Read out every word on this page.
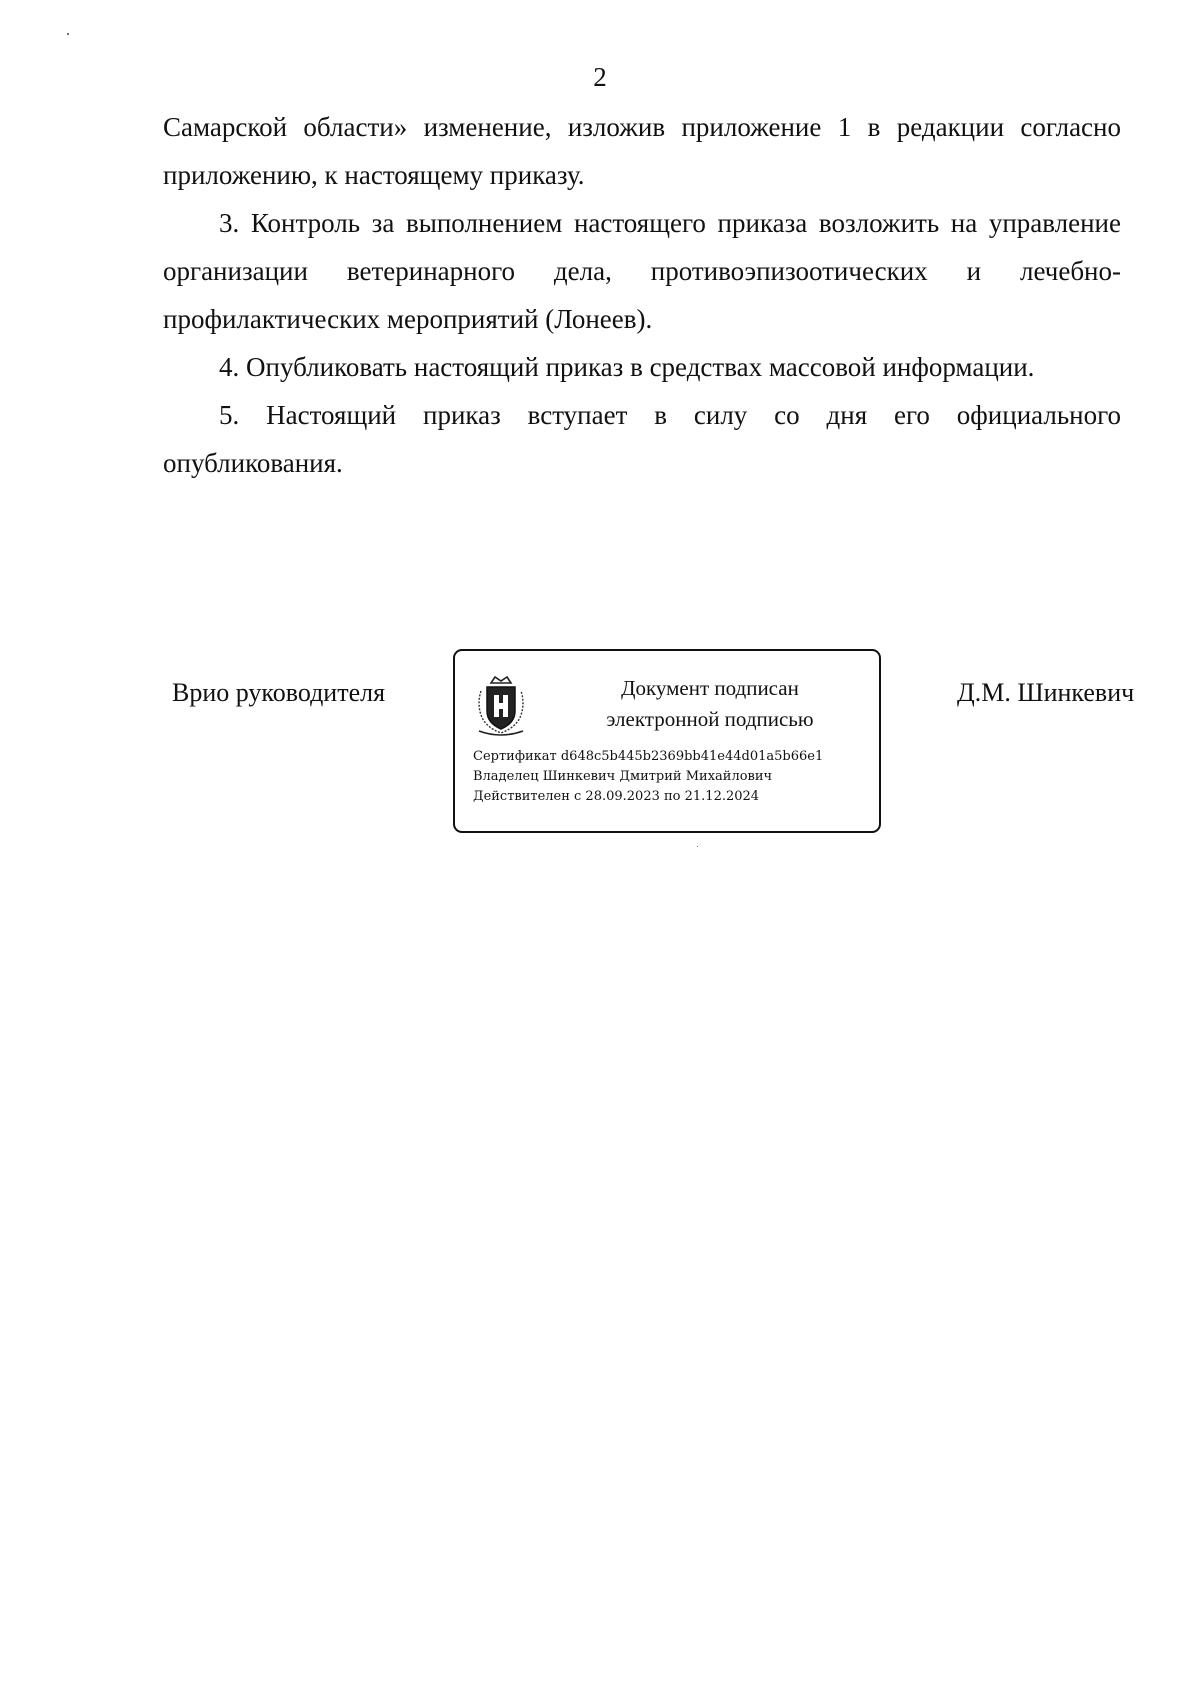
2

Самарской области» изменение, изложив приложение 1 в редакции согласно приложению, к настоящему приказу.

3. Контроль за выполнением настоящего приказа возложить на управление организации ветеринарного дела, противоэпизоотических и лечебно-профилактических мероприятий (Лонеев).

4. Опубликовать настоящий приказ в средствах массовой информации.

5. Настоящий приказ вступает в силу со дня его официального опубликования.

Врио руководителя	Документ подписан
электронной подписью
Сертификат d648c5b445b2369bb41e44d01a5b66e1
Владелец Шинкевич Дмитрий Михайлович
Действителен с 28.09.2023 по 21.12.2024
Д.М. Шинкевич
